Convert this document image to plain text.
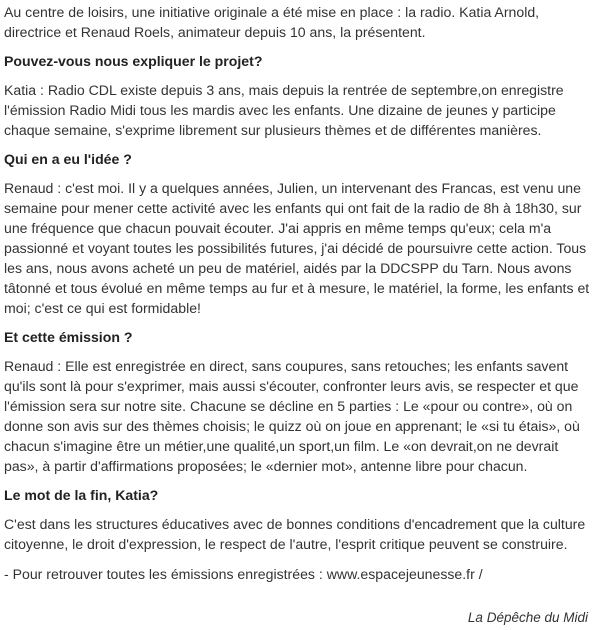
Au centre de loisirs, une initiative originale a été mise en place : la radio. Katia Arnold, directrice et Renaud Roels, animateur depuis 10 ans, la présentent.

Pouvez-vous nous expliquer le projet?

Katia : Radio CDL existe depuis 3 ans, mais depuis la rentrée de septembre,on enregistre l'émission Radio Midi tous les mardis avec les enfants. Une dizaine de jeunes y participe chaque semaine, s'exprime librement sur plusieurs thèmes et de différentes manières.

Qui en a eu l'idée ?

Renaud : c'est moi. Il y a quelques années, Julien, un intervenant des Francas, est venu une semaine pour mener cette activité avec les enfants qui ont fait de la radio de 8h à 18h30, sur une fréquence que chacun pouvait écouter. J'ai appris en même temps qu'eux; cela m'a passionné et voyant toutes les possibilités futures, j'ai décidé de poursuivre cette action. Tous les ans, nous avons acheté un peu de matériel, aidés par la DDCSPP du Tarn. Nous avons tâtonné et tous évolué en même temps au fur et à mesure, le matériel, la forme, les enfants et moi; c'est ce qui est formidable!

Et cette émission ?

Renaud : Elle est enregistrée en direct, sans coupures, sans retouches; les enfants savent qu'ils sont là pour s'exprimer, mais aussi s'écouter, confronter leurs avis, se respecter et que l'émission sera sur notre site. Chacune se décline en 5 parties : Le «pour ou contre», où on donne son avis sur des thèmes choisis; le quizz où on joue en apprenant; le «si tu étais», où chacun s'imagine être un métier,une qualité,un sport,un film. Le «on devrait,on ne devrait pas», à partir d'affirmations proposées; le «dernier mot», antenne libre pour chacun.

Le mot de la fin, Katia?

C'est dans les structures éducatives avec de bonnes conditions d'encadrement que la culture citoyenne, le droit d'expression, le respect de l'autre, l'esprit critique peuvent se construire.

- Pour retrouver toutes les émissions enregistrées : www.espacejeunesse.fr /

La Dépêche du Midi
